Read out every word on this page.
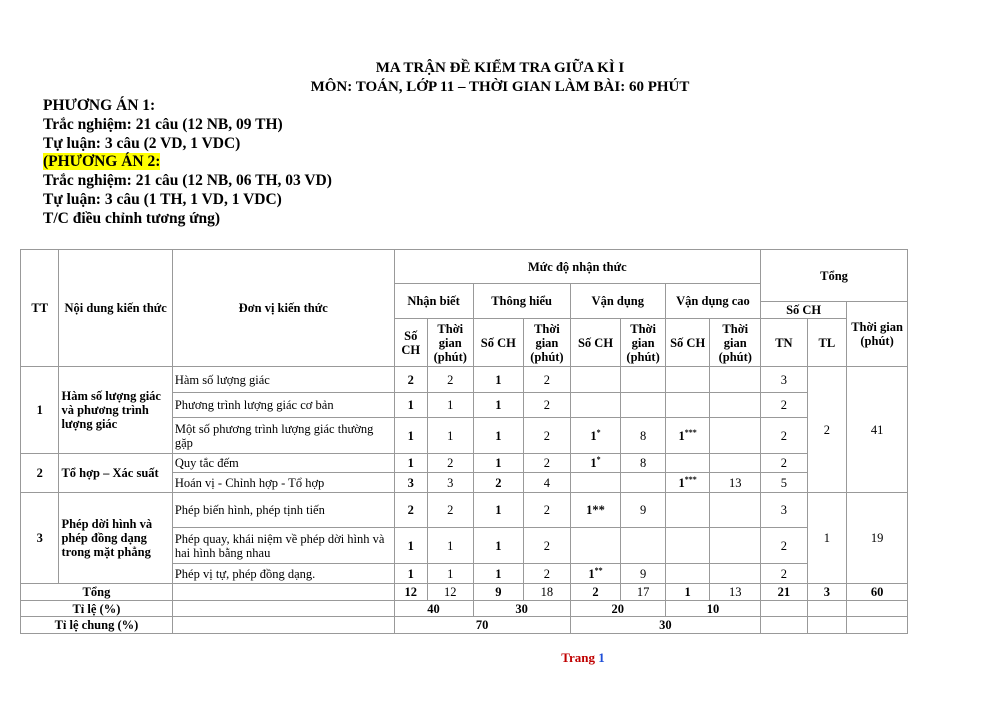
MA TRẬN ĐỀ KIỂM TRA GIỮA KÌ I
MÔN: TOÁN, LỚP 11 – THỜI GIAN LÀM BÀI: 60 PHÚT
PHƯƠNG ÁN 1:
Trắc nghiệm: 21 câu (12 NB, 09 TH)
Tự luận: 3 câu (2 VD, 1 VDC)
(PHƯƠNG ÁN 2:
Trắc nghiệm: 21 câu (12 NB, 06 TH, 03 VD)
Tự luận: 3 câu (1 TH, 1 VD, 1 VDC)
T/C điều chỉnh tương ứng)
TT	Nội dung kiến thức	Đơn vị kiến thức	Mức độ nhận thức								Tổng		
			Nhận biết		Thông hiểu		Vận dụng		Vận dụng cao				
											Số CH		Thời gian (phút)
			Số CH	Thời gian (phút)	Số CH	Thời gian (phút)	Số CH	Thời gian (phút)	Số CH	Thời gian (phút)	TN	TL	
1	Hàm số lượng giác và phương trình lượng giác	Hàm số lượng giác	2	2	1	2					3	2	41
		Phương trình lượng giác cơ bản	1	1	1	2					2		
		Một số phương trình lượng giác thường gặp	1	1	1	2	1*	8	1***		2		
2	Tổ hợp – Xác suất	Quy tắc đếm	1	2	1	2	1*	8			2		
		Hoán vị - Chỉnh hợp - Tổ hợp	3	3	2	4			1***	13	5		
3	Phép dời hình và phép đồng dạng trong mặt phẳng	Phép biến hình, phép tịnh tiến	2	2	1	2	1**	9			3	1	19
		Phép quay, khái niệm về phép dời hình và hai hình bằng nhau	1	1	1	2					2		
		Phép vị tự, phép đồng dạng.	1	1	1	2	1**	9			2		
Tổng			12	12	9	18	2	17	1	13	21	3	60
Tỉ lệ (%)			40		30		20		10				
Tỉ lệ chung (%)			70				30						
Trang 1
